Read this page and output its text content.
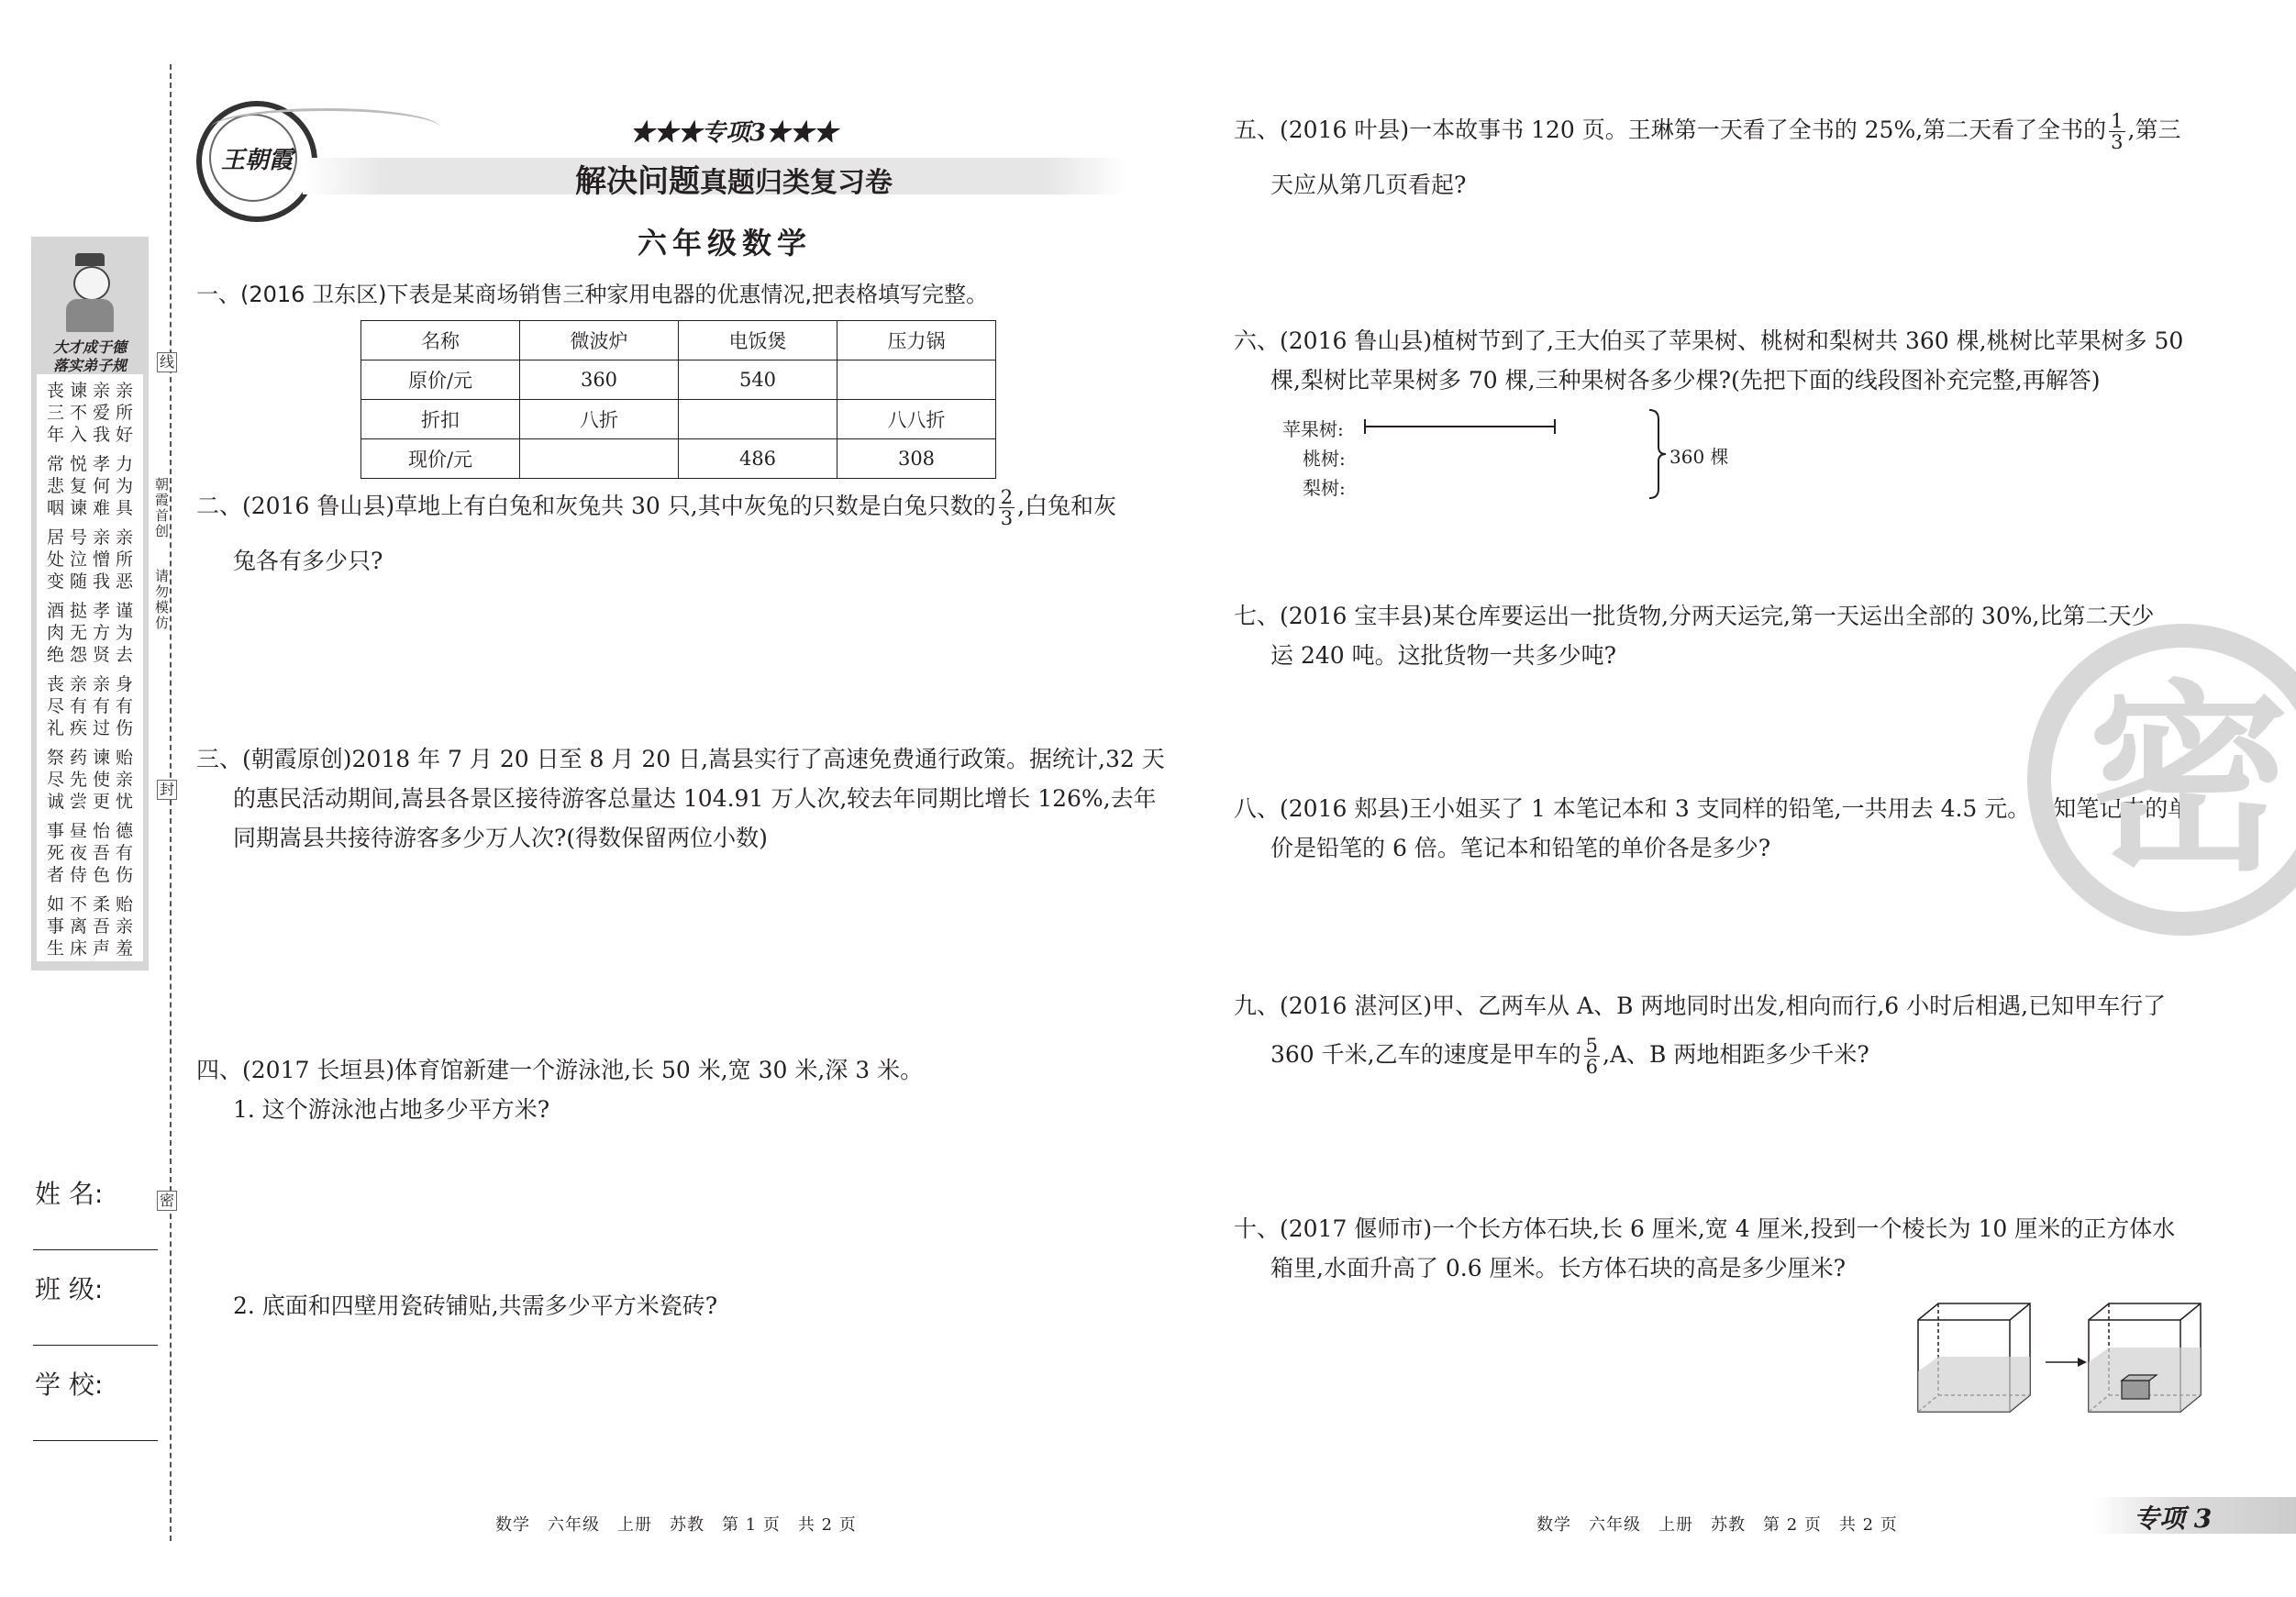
王朝霞
★★★专项3★★★
解决问题真题归类复习卷
六年级数学
大才成于德
落实弟子规
丧 谏 亲 亲
三 不 爱 所
年 入 我 好
常 悦 孝 力
悲 复 何 为
咽 谏 难 具
居 号 亲 亲
处 泣 憎 所
变 随 我 恶
酒 挞 孝 谨
肉 无 方 为
绝 怨 贤 去
丧 亲 亲 身
尽 有 有 有
礼 疾 过 伤
祭 药 谏 贻
尽 先 使 亲
诚 尝 更 忧
事 昼 怡 德
死 夜 吾 有
者 侍 色 伤
如 不 柔 贻
事 离 吾 亲
生 床 声 羞
线
朝霞首创
请勿模仿
封
密
姓 名:
班 级:
学 校:
一、(2016 卫东区)下表是某商场销售三种家用电器的优惠情况,把表格填写完整。
名称	微波炉	电饭煲	压力锅
原价/元	360	540	
折扣	八折		八八折
现价/元		486	308
二、(2016 鲁山县)草地上有白兔和灰兔共 30 只,其中灰兔的只数是白兔只数的 $\frac{2}{3}$ ,白兔和灰
兔各有多少只?
三、(朝霞原创)2018 年 7 月 20 日至 8 月 20 日,嵩县实行了高速免费通行政策。据统计,32 天
的惠民活动期间,嵩县各景区接待游客总量达 104.91 万人次,较去年同期比增长 126%,去年
同期嵩县共接待游客多少万人次?(得数保留两位小数)
四、(2017 长垣县)体育馆新建一个游泳池,长 50 米,宽 30 米,深 3 米。
1. 这个游泳池占地多少平方米?
2. 底面和四壁用瓷砖铺贴,共需多少平方米瓷砖?
数学　六年级　上册　苏教　第 1 页　共 2 页
五、(2016 叶县)一本故事书 120 页。王琳第一天看了全书的 25%,第二天看了全书的 $\frac{1}{3}$ ,第三
天应从第几页看起?
六、(2016 鲁山县)植树节到了,王大伯买了苹果树、桃树和梨树共 360 棵,桃树比苹果树多 50
棵,梨树比苹果树多 70 棵,三种果树各多少棵?(先把下面的线段图补充完整,再解答)
苹果树:
桃树:
梨树:
360 棵
七、(2016 宝丰县)某仓库要运出一批货物,分两天运完,第一天运出全部的 30%,比第二天少
运 240 吨。这批货物一共多少吨?
八、(2016 郏县)王小姐买了 1 本笔记本和 3 支同样的铅笔,一共用去 4.5 元。已知笔记本的单
价是铅笔的 6 倍。笔记本和铅笔的单价各是多少?
九、(2016 湛河区)甲、乙两车从 A、B 两地同时出发,相向而行,6 小时后相遇,已知甲车行了
360 千米,乙车的速度是甲车的 $\frac{5}{6} ,A$、B 两地相距多少千米?
十、(2017 偃师市)一个长方体石块,长 6 厘米,宽 4 厘米,投到一个棱长为 10 厘米的正方体水
箱里,水面升高了 0.6 厘米。长方体石块的高是多少厘米?
密
数学　六年级　上册　苏教　第 2 页　共 2 页	专项 3
